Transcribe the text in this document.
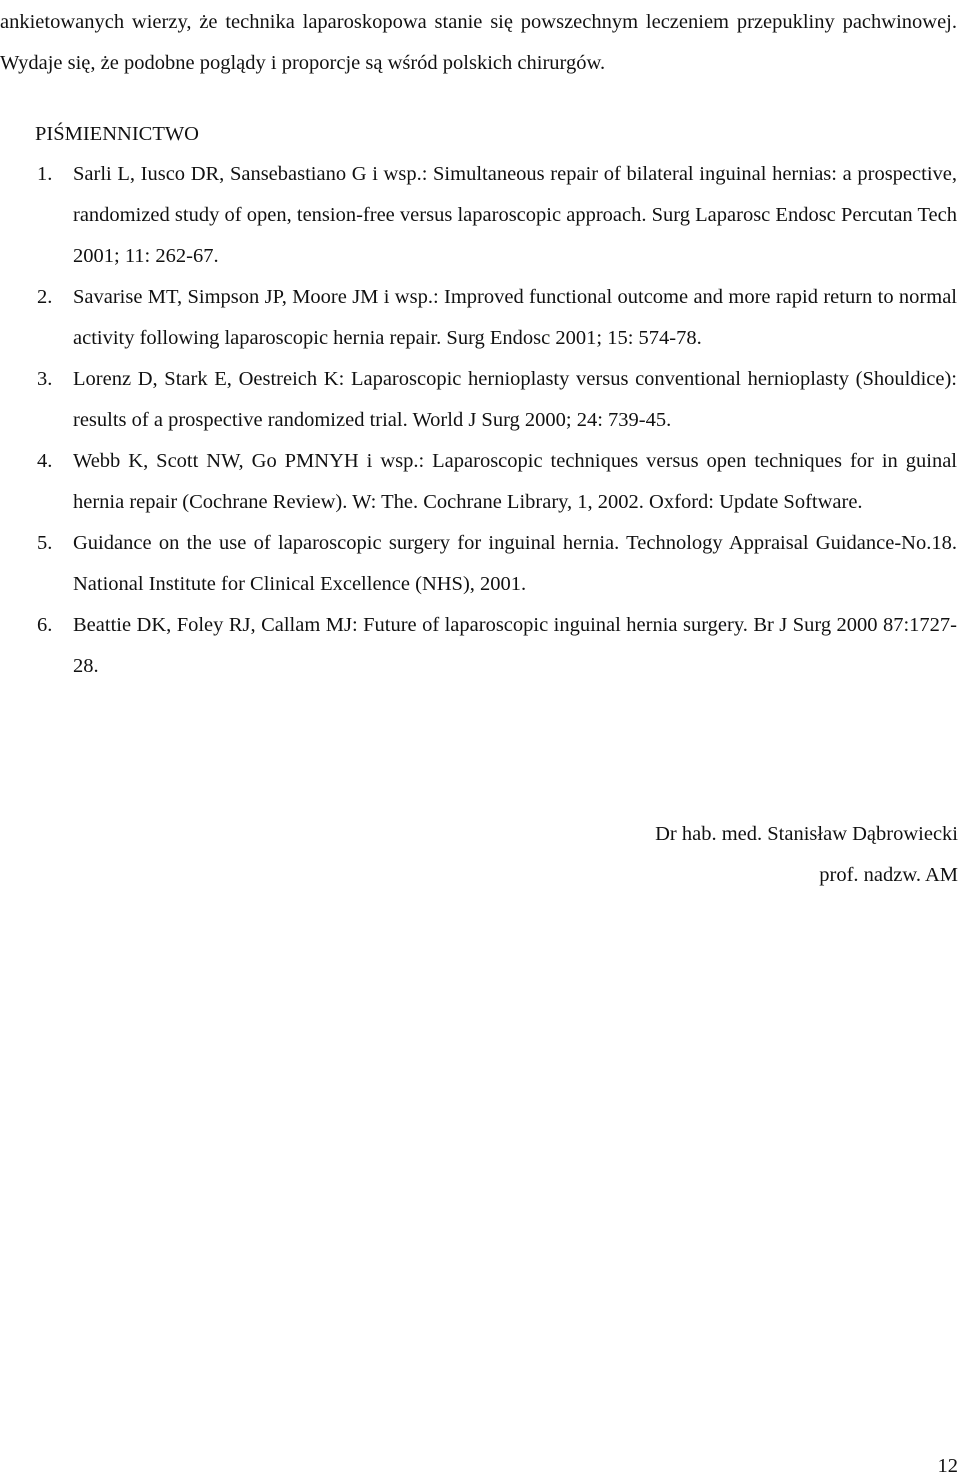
ankietowanych wierzy, że technika laparoskopowa stanie się powszechnym leczeniem przepukliny pachwinowej. Wydaje się, że podobne poglądy i proporcje są wśród polskich chirurgów.

PIŚMIENNICTWO
1. Sarli L, Iusco DR, Sansebastiano G i wsp.: Simultaneous repair of bilateral inguinal hernias: a prospective, randomized study of open, tension-free versus laparoscopic approach. Surg Laparosc Endosc Percutan Tech 2001; 11: 262-67.
2. Savarise MT, Simpson JP, Moore JM i wsp.: Improved functional outcome and more rapid return to normal activity following laparoscopic hernia repair. Surg Endosc 2001; 15: 574-78.
3. Lorenz D, Stark E, Oestreich K: Laparoscopic hernioplasty versus conventional hernioplasty (Shouldice): results of a prospective randomized trial. World J Surg 2000; 24: 739-45.
4. Webb K, Scott NW, Go PMNYH i wsp.: Laparoscopic techniques versus open techniques for in guinal hernia repair (Cochrane Review). W: The. Cochrane Library, 1, 2002. Oxford: Update Software.
5. Guidance on the use of laparoscopic surgery for inguinal hernia. Technology Appraisal Guidance-No.18. National Institute for Clinical Excellence (NHS), 2001.
6. Beattie DK, Foley RJ, Callam MJ: Future of laparoscopic inguinal hernia surgery. Br J Surg 2000 87:1727-28.
Dr hab. med. Stanisław Dąbrowiecki
prof. nadzw. AM
12
